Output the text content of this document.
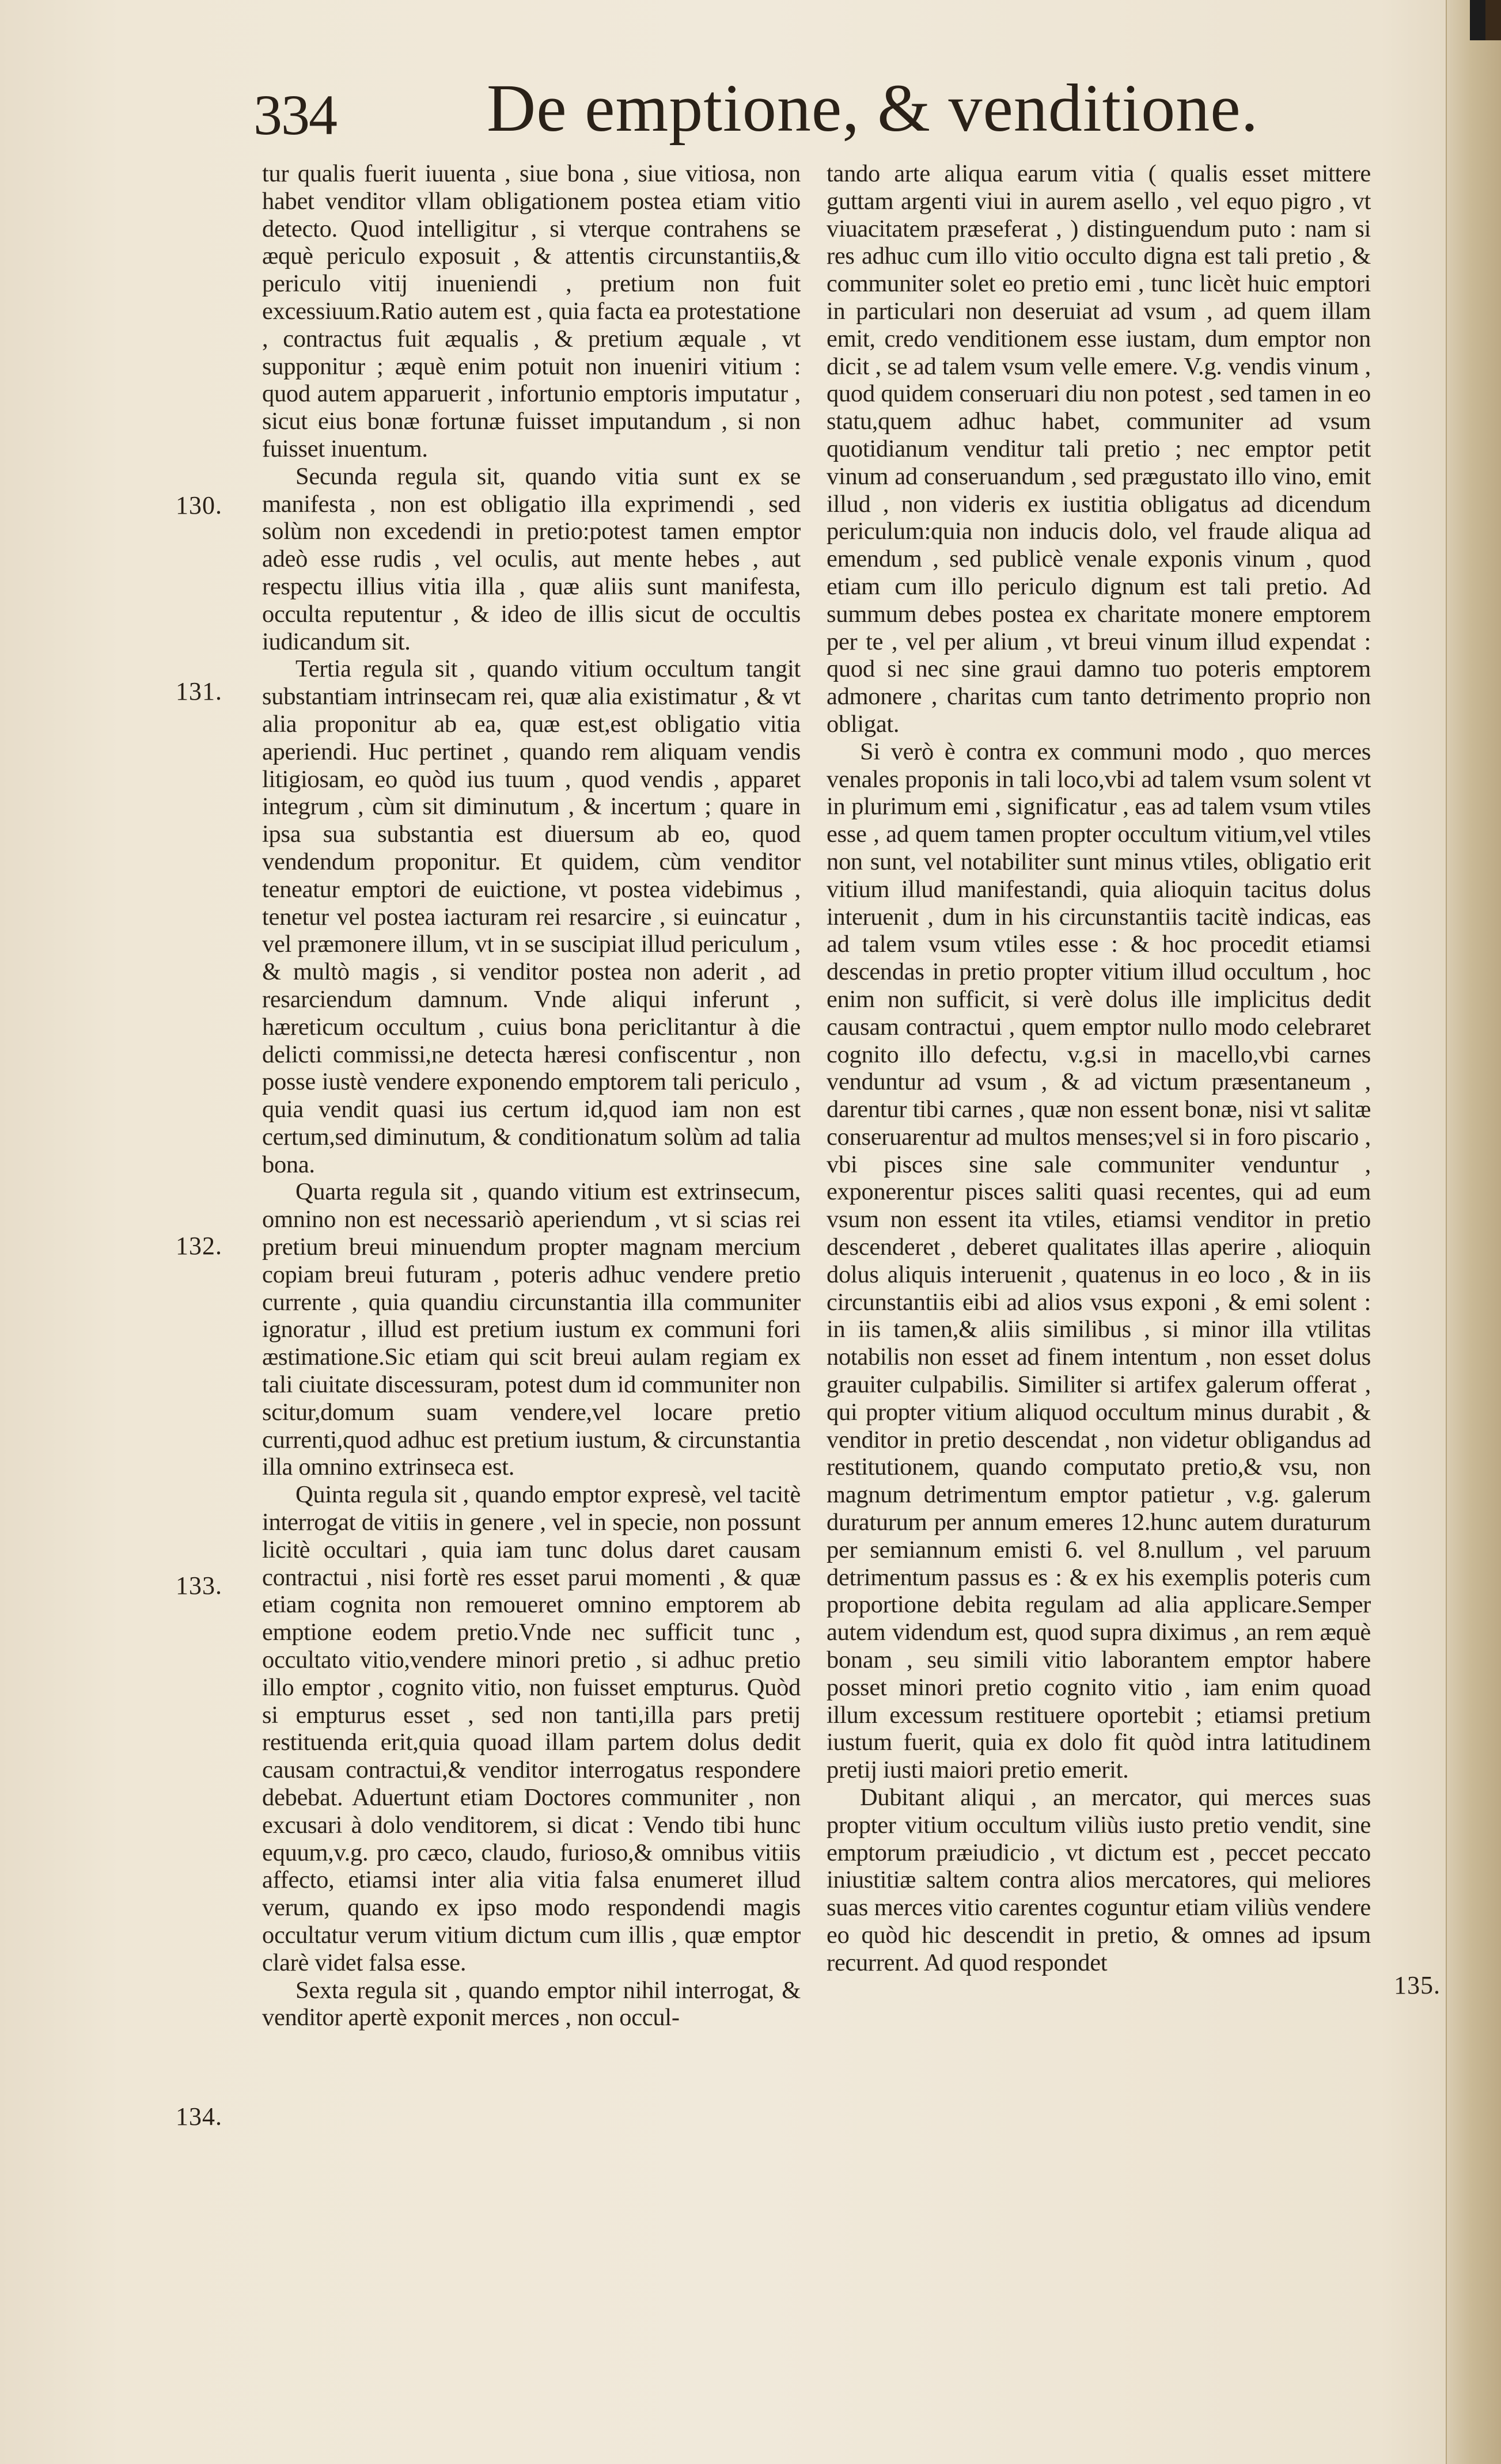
334 De emptione, & venditione.
130.
131.
132.
133.
134.
135.

tur qualis fuerit iuuenta , siue bona , siue vitiosa, non habet venditor vllam obligationem postea etiam vitio detecto. Quod intelligitur , si vterque contrahens se æquè periculo exposuit , & attentis circunstantiis,& periculo vitij inueniendi , pretium non fuit excessiuum.Ratio autem est , quia facta ea protestatione , contractus fuit æqualis , & pretium æquale , vt supponitur ; æquè enim potuit non inueniri vitium : quod autem apparuerit , infortunio emptoris imputatur , sicut eius bonæ fortunæ fuisset imputandum , si non fuisset inuentum.

Secunda regula sit, quando vitia sunt ex se manifesta , non est obligatio illa exprimendi , sed solùm non excedendi in pretio:potest tamen emptor adeò esse rudis , vel oculis, aut mente hebes , aut respectu illius vitia illa , quæ aliis sunt manifesta, occulta reputentur , & ideo de illis sicut de occultis iudicandum sit.

Tertia regula sit , quando vitium occultum tangit substantiam intrinsecam rei, quæ alia existimatur , & vt alia proponitur ab ea, quæ est,est obligatio vitia aperiendi. Huc pertinet , quando rem aliquam vendis litigiosam, eo quòd ius tuum , quod vendis , apparet integrum , cùm sit diminutum , & incertum ; quare in ipsa sua substantia est diuersum ab eo, quod vendendum proponitur. Et quidem, cùm venditor teneatur emptori de euictione, vt postea videbimus , tenetur vel postea iacturam rei resarcire , si euincatur , vel præmonere illum, vt in se suscipiat illud periculum , & multò magis , si venditor postea non aderit , ad resarciendum damnum. Vnde aliqui inferunt , hæreticum occultum , cuius bona periclitantur à die delicti commissi,ne detecta hæresi confiscentur , non posse iustè vendere exponendo emptorem tali periculo , quia vendit quasi ius certum id,quod iam non est certum,sed diminutum, & conditionatum solùm ad talia bona.

Quarta regula sit , quando vitium est extrinsecum, omnino non est necessariò aperiendum , vt si scias rei pretium breui minuendum propter magnam mercium copiam breui futuram , poteris adhuc vendere pretio currente , quia quandiu circunstantia illa communiter ignoratur , illud est pretium iustum ex communi fori æstimatione.Sic etiam qui scit breui aulam regiam ex tali ciuitate discessuram, potest dum id communiter non scitur,domum suam vendere,vel locare pretio currenti,quod adhuc est pretium iustum, & circunstantia illa omnino extrinseca est.

Quinta regula sit , quando emptor expresè, vel tacitè interrogat de vitiis in genere , vel in specie, non possunt licitè occultari , quia iam tunc dolus daret causam contractui , nisi fortè res esset parui momenti , & quæ etiam cognita non remoueret omnino emptorem ab emptione eodem pretio.Vnde nec sufficit tunc , occultato vitio,vendere minori pretio , si adhuc pretio illo emptor , cognito vitio, non fuisset empturus. Quòd si empturus esset , sed non tanti,illa pars pretij restituenda erit,quia quoad illam partem dolus dedit causam contractui,& venditor interrogatus respondere debebat. Aduertunt etiam Doctores communiter , non excusari à dolo venditorem, si dicat : Vendo tibi hunc equum,v.g. pro cæco, claudo, furioso,& omnibus vitiis affecto, etiamsi inter alia vitia falsa enumeret illud verum, quando ex ipso modo respondendi magis occultatur verum vitium dictum cum illis , quæ emptor clarè videt falsa esse.

Sexta regula sit , quando emptor nihil interrogat, & venditor apertè exponit merces , non occul-

tando arte aliqua earum vitia ( qualis esset mittere guttam argenti viui in aurem asello , vel equo pigro , vt viuacitatem præseferat , ) distinguendum puto : nam si res adhuc cum illo vitio occulto digna est tali pretio , & communiter solet eo pretio emi , tunc licèt huic emptori in particulari non deseruiat ad vsum , ad quem illam emit, credo venditionem esse iustam, dum emptor non dicit , se ad talem vsum velle emere. V.g. vendis vinum , quod quidem conseruari diu non potest , sed tamen in eo statu,quem adhuc habet, communiter ad vsum quotidianum venditur tali pretio ; nec emptor petit vinum ad conseruandum , sed prægustato illo vino, emit illud , non videris ex iustitia obligatus ad dicendum periculum:quia non inducis dolo, vel fraude aliqua ad emendum , sed publicè venale exponis vinum , quod etiam cum illo periculo dignum est tali pretio. Ad summum debes postea ex charitate monere emptorem per te , vel per alium , vt breui vinum illud expendat : quod si nec sine graui damno tuo poteris emptorem admonere , charitas cum tanto detrimento proprio non obligat.

Si verò è contra ex communi modo , quo merces venales proponis in tali loco,vbi ad talem vsum solent vt in plurimum emi , significatur , eas ad talem vsum vtiles esse , ad quem tamen propter occultum vitium,vel vtiles non sunt, vel notabiliter sunt minus vtiles, obligatio erit vitium illud manifestandi, quia alioquin tacitus dolus interuenit , dum in his circunstantiis tacitè indicas, eas ad talem vsum vtiles esse : & hoc procedit etiamsi descendas in pretio propter vitium illud occultum , hoc enim non sufficit, si verè dolus ille implicitus dedit causam contractui , quem emptor nullo modo celebraret cognito illo defectu, v.g.si in macello,vbi carnes venduntur ad vsum , & ad victum præsentaneum , darentur tibi carnes , quæ non essent bonæ, nisi vt salitæ conseruarentur ad multos menses;vel si in foro piscario , vbi pisces sine sale communiter venduntur , exponerentur pisces saliti quasi recentes, qui ad eum vsum non essent ita vtiles, etiamsi venditor in pretio descenderet , deberet qualitates illas aperire , alioquin dolus aliquis interuenit , quatenus in eo loco , & in iis circunstantiis eibi ad alios vsus exponi , & emi solent : in iis tamen,& aliis similibus , si minor illa vtilitas notabilis non esset ad finem intentum , non esset dolus grauiter culpabilis. Similiter si artifex galerum offerat , qui propter vitium aliquod occultum minus durabit , & venditor in pretio descendat , non videtur obligandus ad restitutionem, quando computato pretio,& vsu, non magnum detrimentum emptor patietur , v.g. galerum duraturum per annum emeres 12.hunc autem duraturum per semiannum emisti 6. vel 8.nullum , vel paruum detrimentum passus es : & ex his exemplis poteris cum proportione debita regulam ad alia applicare.Semper autem videndum est, quod supra diximus , an rem æquè bonam , seu simili vitio laborantem emptor habere posset minori pretio cognito vitio , iam enim quoad illum excessum restituere oportebit ; etiamsi pretium iustum fuerit, quia ex dolo fit quòd intra latitudinem pretij iusti maiori pretio emerit.

Dubitant aliqui , an mercator, qui merces suas propter vitium occultum viliùs iusto pretio vendit, sine emptorum præiudicio , vt dictum est , peccet peccato iniustitiæ saltem contra alios mercatores, qui meliores suas merces vitio carentes coguntur etiam viliùs vendere eo quòd hic descendit in pretio, & omnes ad ipsum recurrent. Ad quod respondet
